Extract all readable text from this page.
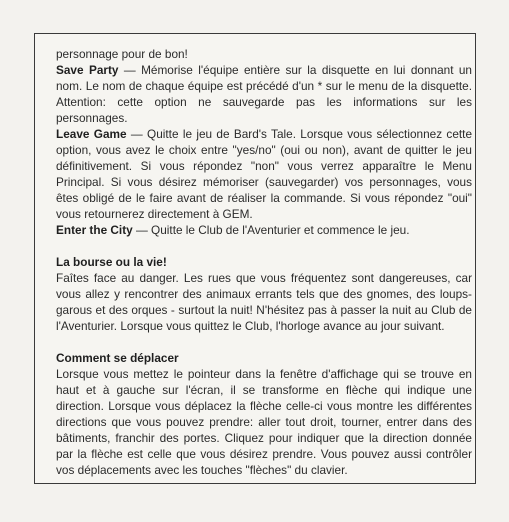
personnage pour de bon!

Save Party — Mémorise l'équipe entière sur la disquette en lui donnant un nom. Le nom de chaque équipe est précédé d'un * sur le menu de la disquette. Attention: cette option ne sauvegarde pas les informations sur les personnages.

Leave Game — Quitte le jeu de Bard's Tale. Lorsque vous sélectionnez cette option, vous avez le choix entre "yes/no" (oui ou non), avant de quitter le jeu définitivement. Si vous répondez "non" vous verrez apparaître le Menu Principal. Si vous désirez mémoriser (sauvegarder) vos personnages, vous êtes obligé de le faire avant de réaliser la commande. Si vous répondez "oui" vous retournerez directement à GEM.

Enter the City — Quitte le Club de l'Aventurier et commence le jeu.

La bourse ou la vie!

Faîtes face au danger. Les rues que vous fréquentez sont dangereuses, car vous allez y rencontrer des animaux errants tels que des gnomes, des loups-garous et des orques - surtout la nuit! N'hésitez pas à passer la nuit au Club de l'Aventurier. Lorsque vous quittez le Club, l'horloge avance au jour suivant.

Comment se déplacer

Lorsque vous mettez le pointeur dans la fenêtre d'affichage qui se trouve en haut et à gauche sur l'écran, il se transforme en flèche qui indique une direction. Lorsque vous déplacez la flèche celle-ci vous montre les différentes directions que vous pouvez prendre: aller tout droit, tourner, entrer dans des bâtiments, franchir des portes. Cliquez pour indiquer que la direction donnée par la flèche est celle que vous désirez prendre. Vous pouvez aussi contrôler vos déplacements avec les touches "flèches" du clavier.
